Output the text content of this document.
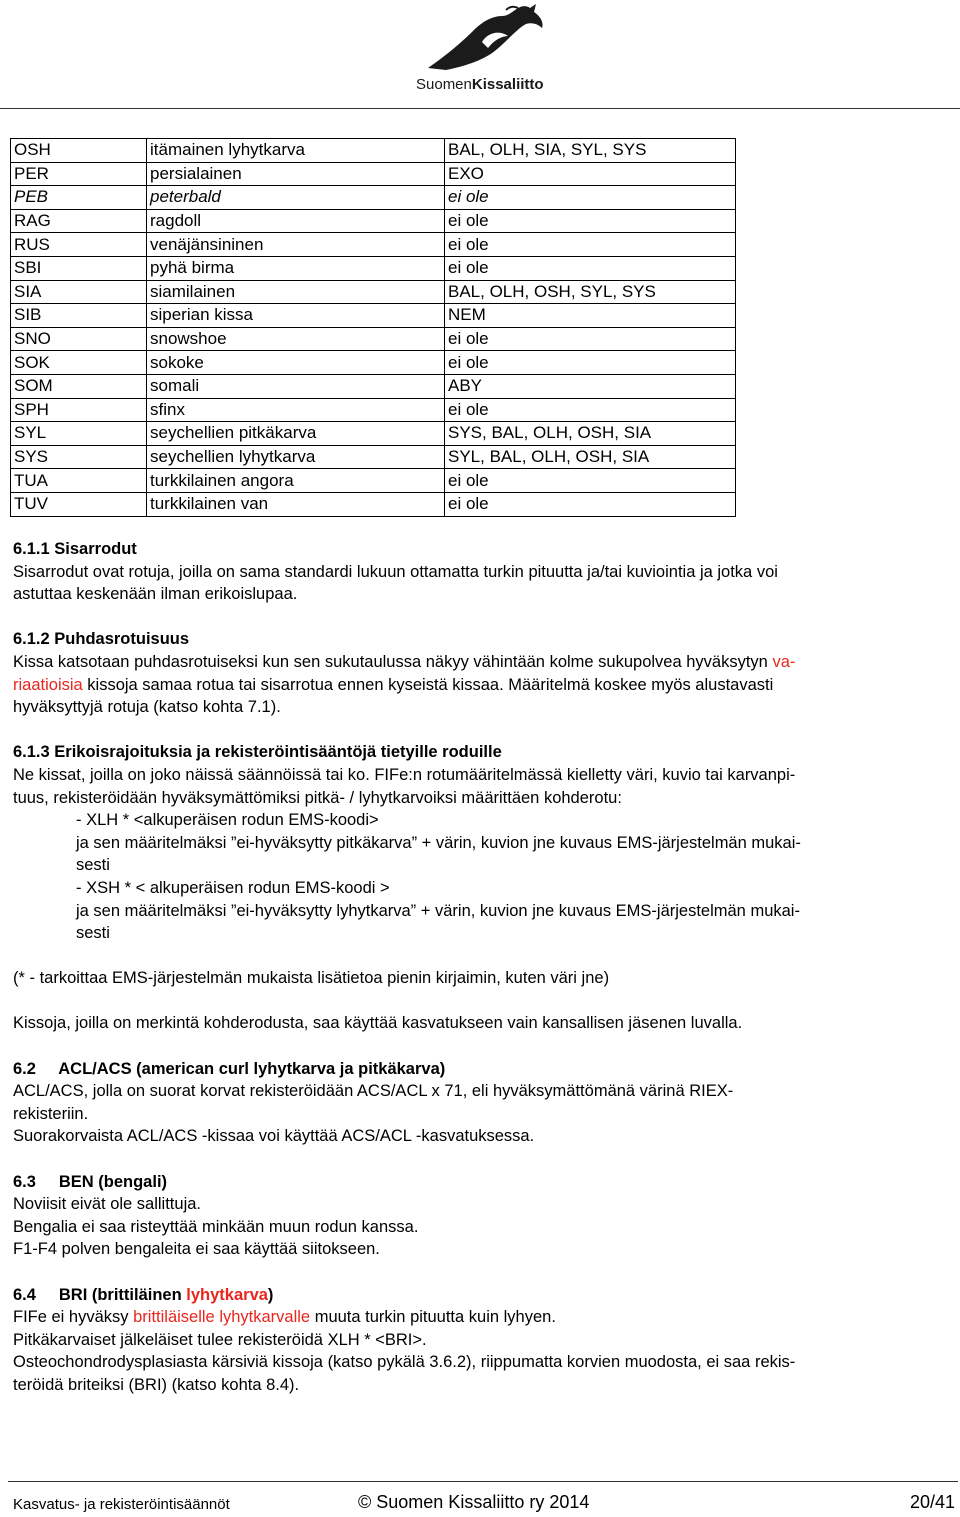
SuomenKissaliitto
OSH	itämainen lyhytkarva	BAL, OLH, SIA, SYL, SYS
PER	persialainen	EXO
PEB	peterbald	ei ole
RAG	ragdoll	ei ole
RUS	venäjänsininen	ei ole
SBI	pyhä birma	ei ole
SIA	siamilainen	BAL, OLH, OSH, SYL, SYS
SIB	siperian kissa	NEM
SNO	snowshoe	ei ole
SOK	sokoke	ei ole
SOM	somali	ABY
SPH	sfinx	ei ole
SYL	seychellien pitkäkarva	SYS, BAL, OLH, OSH, SIA
SYS	seychellien lyhytkarva	SYL, BAL, OLH, OSH, SIA
TUA	turkkilainen angora	ei ole
TUV	turkkilainen van	ei ole

6.1.1 Sisarrodut

Sisarrodut ovat rotuja, joilla on sama standardi lukuun ottamatta turkin pituutta ja/tai kuviointia ja jotka voi

astuttaa keskenään ilman erikoislupaa.

6.1.2 Puhdasrotuisuus

Kissa katsotaan puhdasrotuiseksi kun sen sukutaulussa näkyy vähintään kolme sukupolvea hyväksytyn va-

riaatioisia kissoja samaa rotua tai sisarrotua ennen kyseistä kissaa. Määritelmä koskee myös alustavasti

hyväksyttyjä rotuja (katso kohta 7.1).

6.1.3 Erikoisrajoituksia ja rekisteröintisääntöjä tietyille roduille

Ne kissat, joilla on joko näissä säännöissä tai ko. FIFe:n rotumääritelmässä kielletty väri, kuvio tai karvanpi-

tuus, rekisteröidään hyväksymättömiksi pitkä- / lyhytkarvoiksi määrittäen kohderotu:

- XLH * <alkuperäisen rodun EMS-koodi>

ja sen määritelmäksi ”ei-hyväksytty pitkäkarva” + värin, kuvion jne kuvaus EMS-järjestelmän mukai-

sesti

- XSH * < alkuperäisen rodun EMS-koodi >

ja sen määritelmäksi ”ei-hyväksytty lyhytkarva” + värin, kuvion jne kuvaus EMS-järjestelmän mukai-

sesti

(* - tarkoittaa EMS-järjestelmän mukaista lisätietoa pienin kirjaimin, kuten väri jne)

Kissoja, joilla on merkintä kohderodusta, saa käyttää kasvatukseen vain kansallisen jäsenen luvalla.

6.2     ACL/ACS (american curl lyhytkarva ja pitkäkarva)

ACL/ACS, jolla on suorat korvat rekisteröidään ACS/ACL x 71, eli hyväksymättömänä värinä RIEX-

rekisteriin.

Suorakorvaista ACL/ACS -kissaa voi käyttää ACS/ACL -kasvatuksessa.

6.3     BEN (bengali)

Noviisit eivät ole sallittuja.

Bengalia ei saa risteyttää minkään muun rodun kanssa.

F1-F4 polven bengaleita ei saa käyttää siitokseen.

6.4     BRI (brittiläinen lyhytkarva)

FIFe ei hyväksy brittiläiselle lyhytkarvalle muuta turkin pituutta kuin lyhyen.

Pitkäkarvaiset jälkeläiset tulee rekisteröidä XLH * <BRI>.

Osteochondrodysplasiasta kärsiviä kissoja (katso pykälä 3.6.2), riippumatta korvien muodosta, ei saa rekis-

teröidä briteiksi (BRI) (katso kohta 8.4).

Kasvatus- ja rekisteröintisäännöt	© Suomen Kissaliitto ry 2014	20/41
